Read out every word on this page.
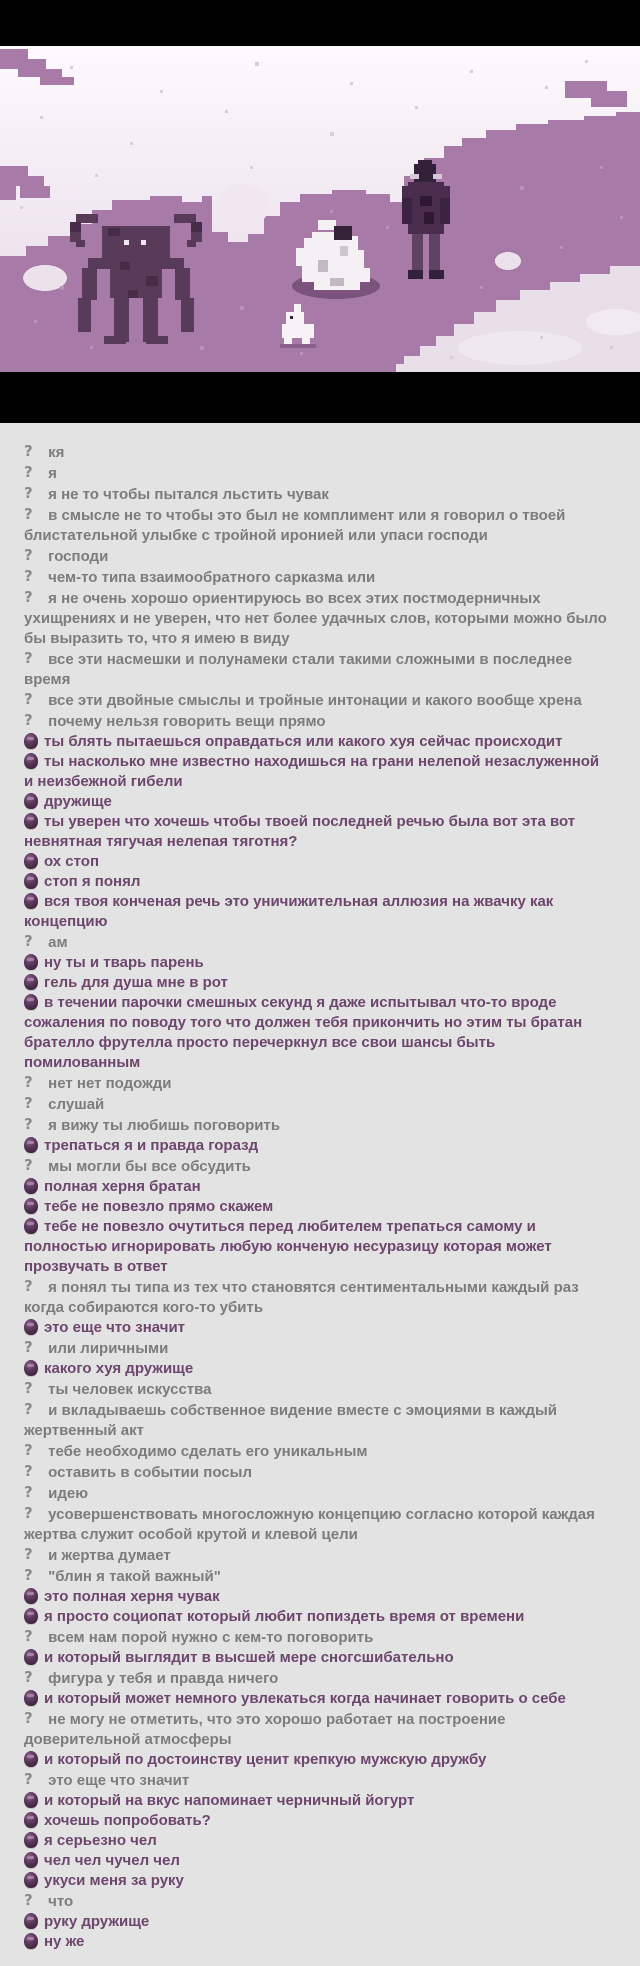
? кя
? я
? я не то чтобы пытался льстить чувак
? в смысле не то чтобы это был не комплимент или я говорил о твоей блистательной улыбке с тройной иронией или упаси господи
? господи
? чем-то типа взаимообратного сарказма или
? я не очень хорошо ориентируюсь во всех этих постмодерничных ухищрениях и не уверен, что нет более удачных слов, которыми можно было бы выразить то, что я имею в виду
? все эти насмешки и полунамеки стали такими сложными в последнее время
? все эти двойные смыслы и тройные интонации и какого вообще хрена
? почему нельзя говорить вещи прямо
ты блять пытаешься оправдаться или какого хуя сейчас происходит
ты насколько мне известно находишься на грани нелепой незаслуженной и неизбежной гибели
дружище
ты уверен что хочешь чтобы твоей последней речью была вот эта вот невнятная тягучая нелепая тяготня?
ох стоп
стоп я понял
вся твоя конченая речь это уничижительная аллюзия на жвачку как концепцию
? ам
ну ты и тварь парень
гель для душа мне в рот
в течении парочки смешных секунд я даже испытывал что-то вроде сожаления по поводу того что должен тебя прикончить но этим ты братан брателло фрутелла просто перечеркнул все свои шансы быть помилованным
? нет нет подожди
? слушай
? я вижу ты любишь поговорить
трепаться я и правда горазд
? мы могли бы все обсудить
полная херня братан
тебе не повезло прямо скажем
тебе не повезло очутиться перед любителем трепаться самому и полностью игнорировать любую конченую несуразицу которая может прозвучать в ответ
? я понял ты типа из тех что становятся сентиментальными каждый раз когда собираются кого-то убить
это еще что значит
? или лиричными
какого хуя дружище
? ты человек искусства
? и вкладываешь собственное видение вместе с эмоциями в каждый жертвенный акт
? тебе необходимо сделать его уникальным
? оставить в событии посыл
? идею
? усовершенствовать многосложную концепцию согласно которой каждая жертва служит особой крутой и клевой цели
? и жертва думает
? "блин я такой важный"
это полная херня чувак
я просто социопат который любит попиздеть время от времени
? всем нам порой нужно с кем-то поговорить
и который выглядит в высшей мере сногсшибательно
? фигура у тебя и правда ничего
и который может немного увлекаться когда начинает говорить о себе
? не могу не отметить, что это хорошо работает на построение доверительной атмосферы
и который по достоинству ценит крепкую мужскую дружбу
? это еще что значит
и который на вкус напоминает черничный йогурт
хочешь попробовать?
я серьезно чел
чел чел чучел чел
укуси меня за руку
? что
руку дружище
ну же
